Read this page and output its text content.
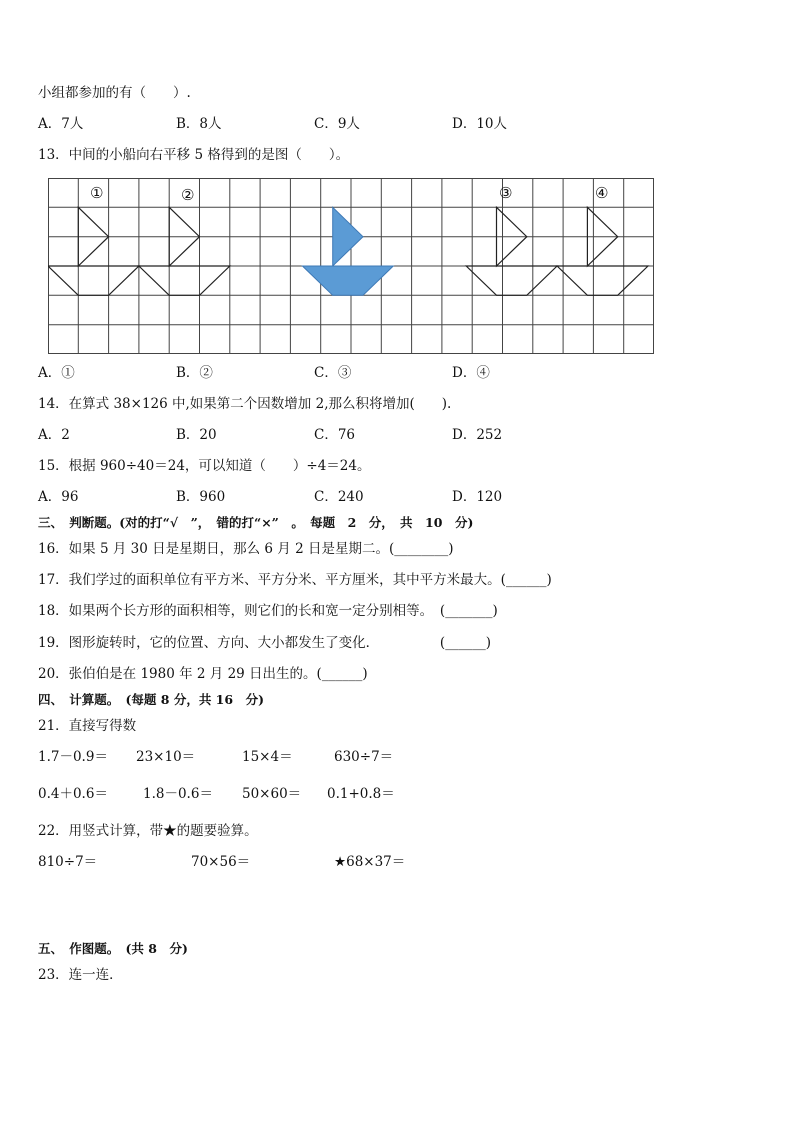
小组都参加的有（　　）.
A．7人	B．8人	C．9人	D．10人
13．中间的小船向右平移 5 格得到的是图（　　）。
①	②	③	④
A．①	B．②	C．③	D．④
14．在算式 38×126 中,如果第二个因数增加 2,那么积将增加(　　).
A．2	B．20	C．76	D．252
15．根据 960÷40＝24，可以知道（　　）÷4＝24。
A．96	B．960	C．240	D．120
三、　判断题。(对的打“√　”，　错的打“×”　。　每题　2　分，　共　10　分)
16．如果 5 月 30 日是星期日，那么 6 月 2 日是星期二。(________)
17．我们学过的面积单位有平方米、平方分米、平方厘米，其中平方米最大。(______)
18．如果两个长方形的面积相等，则它们的长和宽一定分别相等。　(_______)
19．图形旋转时，它的位置、方向、大小都发生了变化．　　　　　(______)
20．张伯伯是在 1980 年 2 月 29 日出生的。(______)
四、　计算题。　(每题 8 分，共 16　分)
21．直接写得数
1.7－0.9＝ 23×10＝	15×4＝	630÷7＝
0.4＋0.6＝	1.8－0.6＝ 50×60＝ 0.1+0.8＝
22．用竖式计算，带★的题要验算。
810÷7＝	70×56＝	★68×37＝
五、　作图题。　(共 8　分)
23．连一连．
